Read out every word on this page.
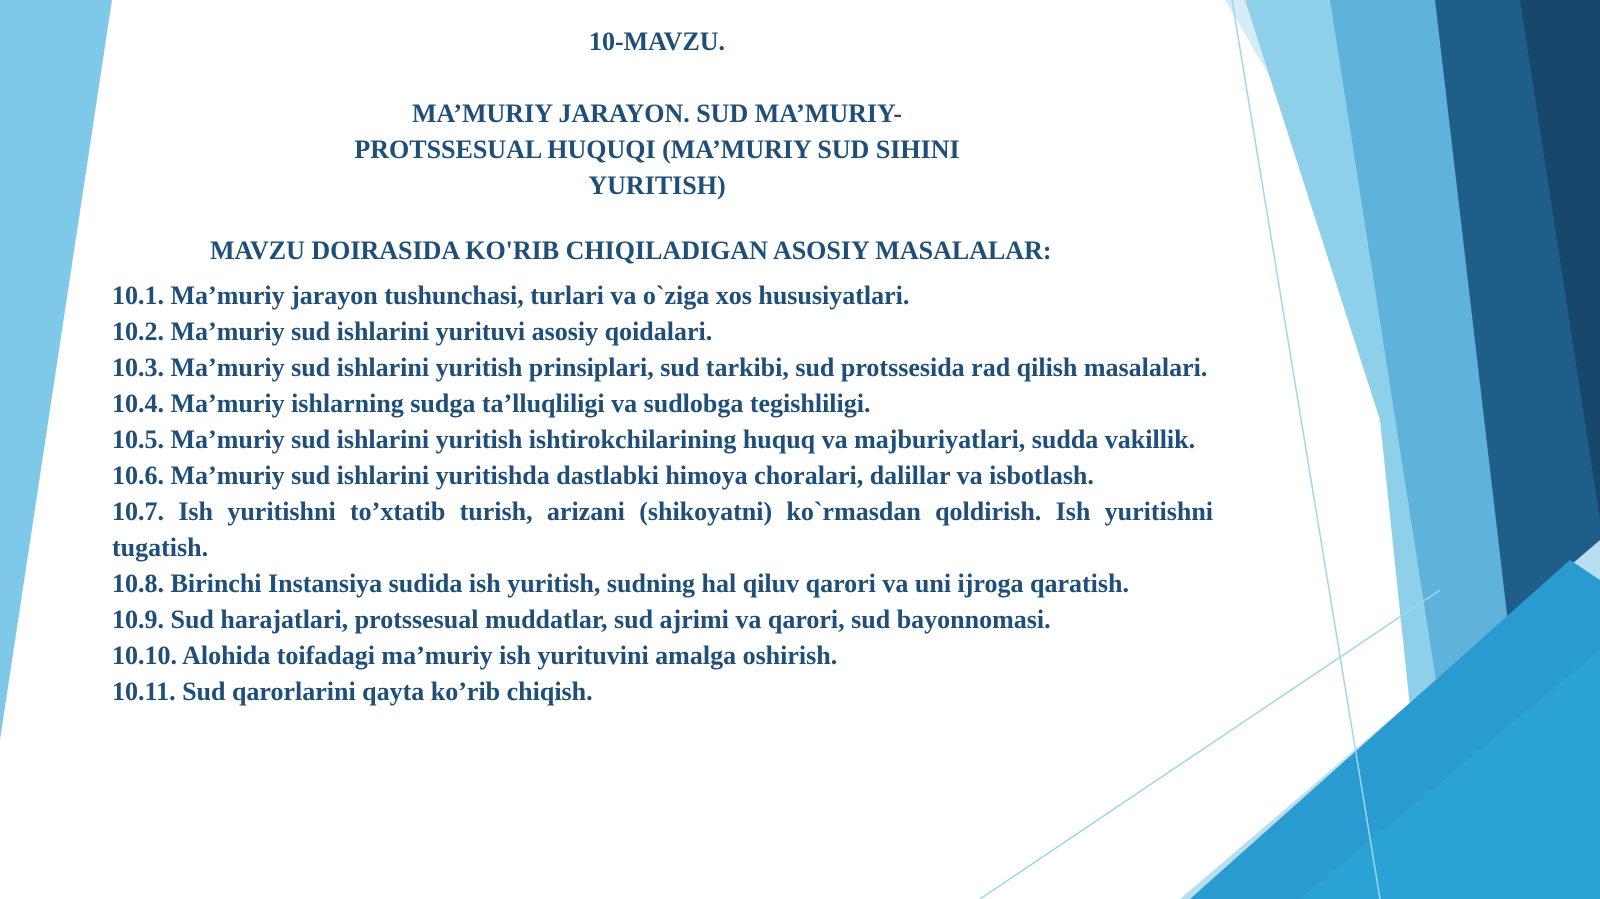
10-MAVZU.

MA’MURIY JARAYON. SUD MA’MURIY-
PROTSSESUAL HUQUQI (MA’MURIY SUD SIHINI
YURITISH)

MAVZU DOIRASIDA KO'RIB CHIQILADIGAN ASOSIY MASALALAR:

10.1. Ma’muriy jarayon tushunchasi, turlari va o`ziga xos hususiyatlari.
10.2. Ma’muriy sud ishlarini yurituvi asosiy qoidalari.
10.3. Ma’muriy sud ishlarini yuritish prinsiplari, sud tarkibi, sud protssesida rad qilish masalalari.
10.4. Ma’muriy ishlarning sudga ta’lluqliligi va sudlobga tegishliligi.
10.5. Ma’muriy sud ishlarini yuritish ishtirokchilarining huquq va majburiyatlari, sudda vakillik.
10.6. Ma’muriy sud ishlarini yuritishda dastlabki himoya choralari, dalillar va isbotlash.
10.7. Ish yuritishni to’xtatib turish, arizani (shikoyatni) ko`rmasdan qoldirish. Ish yuritishni tugatish.
10.8. Birinchi Instansiya sudida ish yuritish, sudning hal qiluv qarori va uni ijroga qaratish.
10.9. Sud harajatlari, protssesual muddatlar, sud ajrimi va qarori, sud bayonnomasi.
10.10. Alohida toifadagi ma’muriy ish yurituvini amalga oshirish.
10.11. Sud qarorlarini qayta ko’rib chiqish.
